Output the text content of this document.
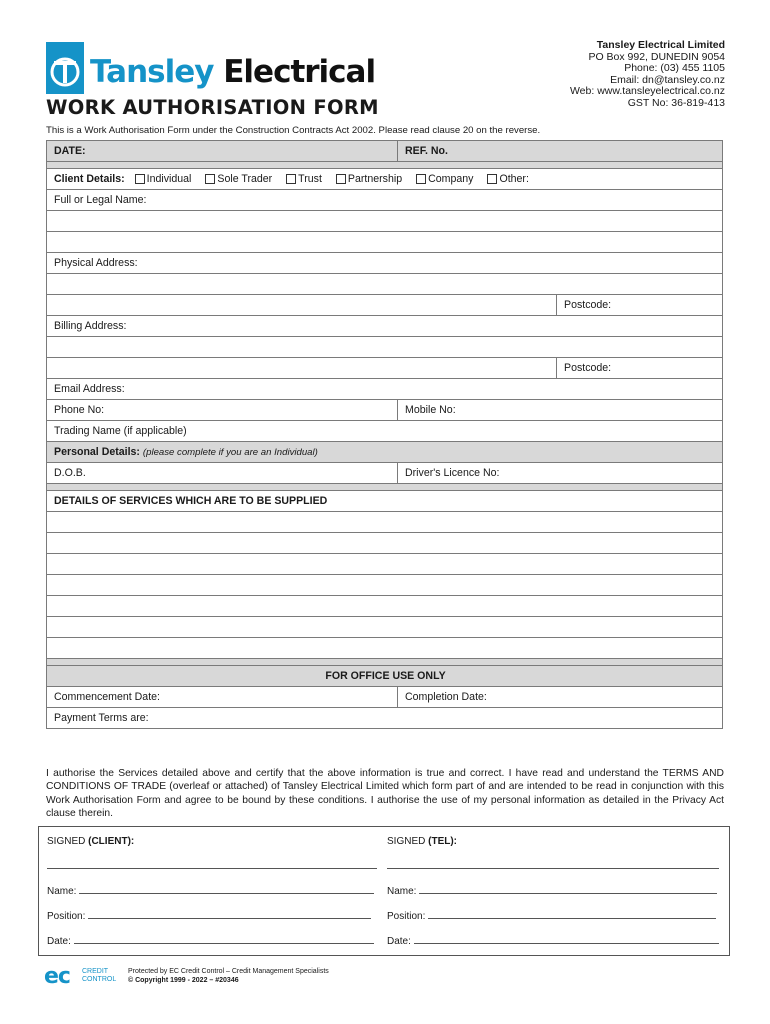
Tansley Electrical
WORK AUTHORISATION FORM
Tansley Electrical Limited
PO Box 992, DUNEDIN 9054
Phone: (03) 455 1105
Email: dn@tansley.co.nz
Web: www.tansleyelectrical.co.nz
GST No: 36-819-413
This is a Work Authorisation Form under the Construction Contracts Act 2002. Please read clause 20 on the reverse.
DATE:	REF. No.
Client Details: Individual Sole Trader Trust Partnership Company Other:
Full or Legal Name:
Physical Address:
Postcode:
Billing Address:
Postcode:
Email Address:
Phone No:	Mobile No:
Trading Name (if applicable)
Personal Details:
(please complete if you are an Individual)
D.O.B.	Driver's Licence No:
DETAILS OF SERVICES WHICH ARE TO BE SUPPLIED
FOR OFFICE USE ONLY
Commencement Date:	Completion Date:
Payment Terms are:
I authorise the Services detailed above and certify that the above information is true and correct. I have read and understand the TERMS AND CONDITIONS OF TRADE (overleaf or attached) of Tansley Electrical Limited which form part of and are intended to be read in conjunction with this Work Authorisation Form and agree to be bound by these conditions. I authorise the use of my personal information as detailed in the Privacy Act clause therein.
SIGNED (CLIENT):
Name:
Position:
Date:
SIGNED (TEL):
Name:
Position:
Date:
ec CREDIT
CONTROL
Protected by EC Credit Control – Credit Management Specialists
© Copyright 1999 - 2022 – #20346
